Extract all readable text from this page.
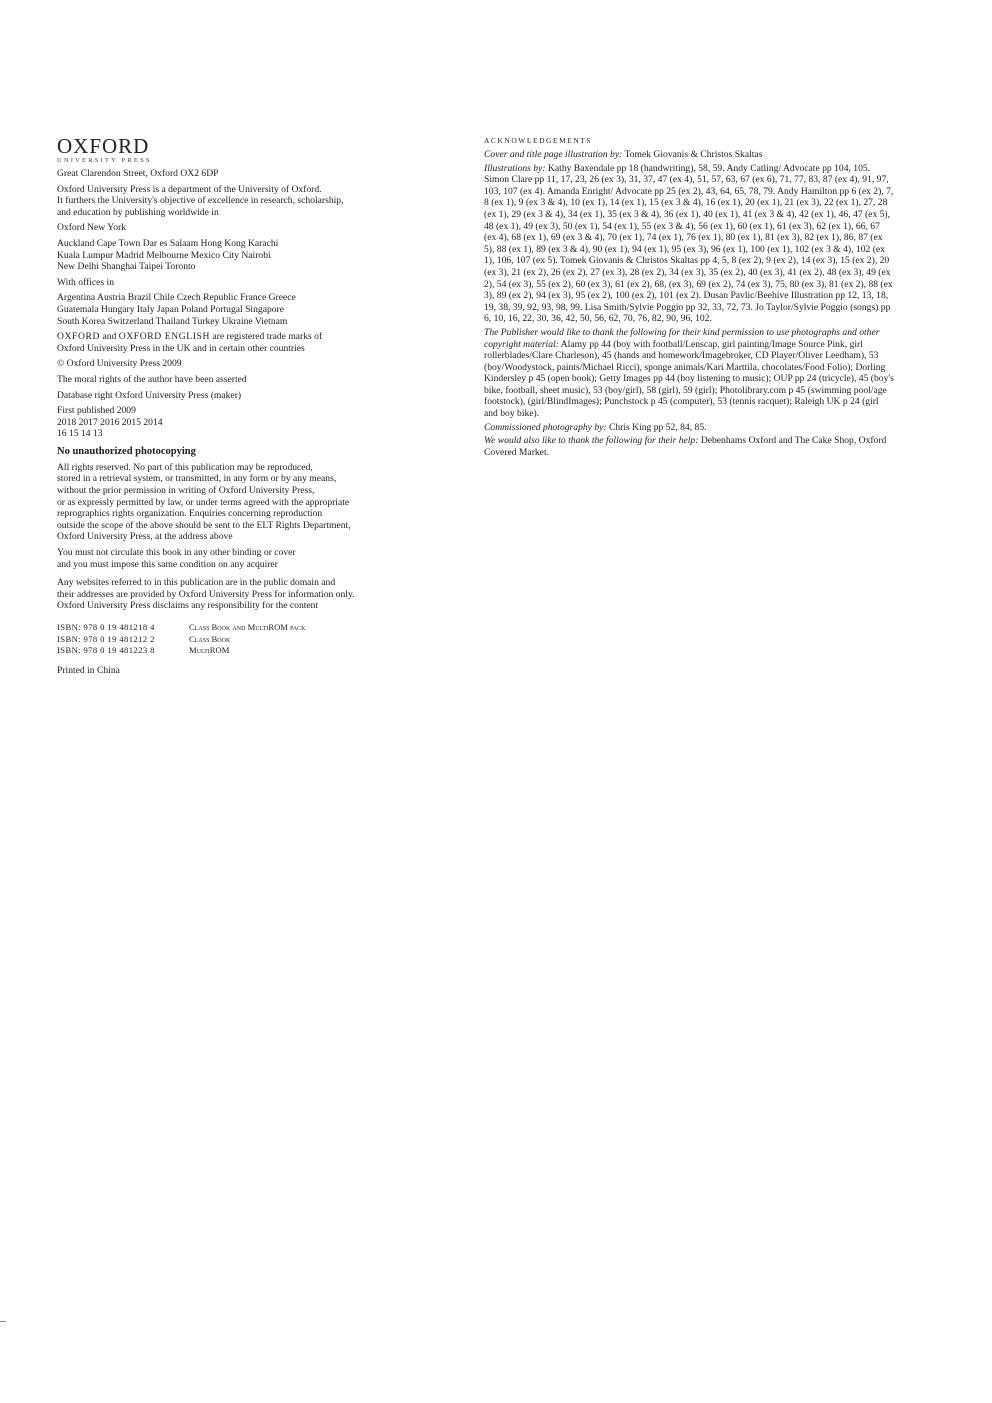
OXFORD
UNIVERSITY PRESS
Great Clarendon Street, Oxford OX2 6DP
Oxford University Press is a department of the University of Oxford.
It furthers the University's objective of excellence in research, scholarship,
and education by publishing worldwide in
Oxford New York
Auckland Cape Town Dar es Salaam Hong Kong Karachi
Kuala Lumpur Madrid Melbourne Mexico City Nairobi
New Delhi Shanghai Taipei Toronto
With offices in
Argentina Austria Brazil Chile Czech Republic France Greece
Guatemala Hungary Italy Japan Poland Portugal Singapore
South Korea Switzerland Thailand Turkey Ukraine Vietnam
OXFORD and OXFORD ENGLISH are registered trade marks of
Oxford University Press in the UK and in certain other countries
© Oxford University Press 2009
The moral rights of the author have been asserted
Database right Oxford University Press (maker)
First published 2009
2018 2017 2016 2015 2014
16 15 14 13
No unauthorized photocopying
All rights reserved. No part of this publication may be reproduced,
stored in a retrieval system, or transmitted, in any form or by any means,
without the prior permission in writing of Oxford University Press,
or as expressly permitted by law, or under terms agreed with the appropriate
reprographics rights organization. Enquiries concerning reproduction
outside the scope of the above should be sent to the ELT Rights Department,
Oxford University Press, at the address above
You must not circulate this book in any other binding or cover
and you must impose this same condition on any acquirer
Any websites referred to in this publication are in the public domain and
their addresses are provided by Oxford University Press for information only.
Oxford University Press disclaims any responsibility for the content
ISBN: 978 0 19 481218 4	Class Book and MultiROM pack
ISBN: 978 0 19 481212 2	Class Book
ISBN: 978 0 19 481223 8	MultiROM
Printed in China
ACKNOWLEDGEMENTS
Cover and title page illustration by: Tomek Giovanis & Christos Skaltas
Illustrations by: Kathy Baxendale pp 18 (handwriting), 58, 59. Andy Catling/ Advocate pp 104, 105. Simon Clare pp 11, 17, 23, 26 (ex 3), 31, 37, 47 (ex 4), 51, 57, 63, 67 (ex 6), 71, 77, 83, 87 (ex 4), 91, 97, 103, 107 (ex 4). Amanda Enright/ Advocate pp 25 (ex 2), 43, 64, 65, 78, 79. Andy Hamilton pp 6 (ex 2), 7, 8 (ex 1), 9 (ex 3 & 4), 10 (ex 1), 14 (ex 1), 15 (ex 3 & 4), 16 (ex 1), 20 (ex 1), 21 (ex 3), 22 (ex 1), 27, 28 (ex 1), 29 (ex 3 & 4), 34 (ex 1), 35 (ex 3 & 4), 36 (ex 1), 40 (ex 1), 41 (ex 3 & 4), 42 (ex 1), 46, 47 (ex 5), 48 (ex 1), 49 (ex 3), 50 (ex 1), 54 (ex 1), 55 (ex 3 & 4), 56 (ex 1), 60 (ex 1), 61 (ex 3), 62 (ex 1), 66, 67 (ex 4), 68 (ex 1), 69 (ex 3 & 4), 70 (ex 1), 74 (ex 1), 76 (ex 1), 80 (ex 1), 81 (ex 3), 82 (ex 1), 86, 87 (ex 5), 88 (ex 1), 89 (ex 3 & 4), 90 (ex 1), 94 (ex 1), 95 (ex 3), 96 (ex 1), 100 (ex 1), 102 (ex 3 & 4), 102 (ex 1), 106, 107 (ex 5). Tomek Giovanis & Christos Skaltas pp 4, 5, 8 (ex 2), 9 (ex 2), 14 (ex 3), 15 (ex 2), 20 (ex 3), 21 (ex 2), 26 (ex 2), 27 (ex 3), 28 (ex 2), 34 (ex 3), 35 (ex 2), 40 (ex 3), 41 (ex 2), 48 (ex 3), 49 (ex 2), 54 (ex 3), 55 (ex 2), 60 (ex 3), 61 (ex 2), 68, (ex 3), 69 (ex 2), 74 (ex 3), 75, 80 (ex 3), 81 (ex 2), 88 (ex 3), 89 (ex 2), 94 (ex 3), 95 (ex 2), 100 (ex 2), 101 (ex 2). Dusan Pavlic/Beehive Illustration pp 12, 13, 18, 19, 38, 39, 92, 93, 98, 99. Lisa Smith/Sylvie Poggio pp 32, 33, 72, 73. Jo Taylor/Sylvie Poggio (songs) pp 6, 10, 16, 22, 30, 36, 42, 50, 56, 62, 70, 76, 82, 90, 96, 102.
The Publisher would like to thank the following for their kind permission to use photographs and other copyright material: Alamy pp 44 (boy with football/Lenscap, girl painting/Image Source Pink, girl rollerblades/Clare Charleson), 45 (hands and homework/Imagebroker, CD Player/Oliver Leedham), 53 (boy/Woodystock, paints/Michael Ricci), sponge animals/Kari Marttila, chocolates/Food Folio); Dorling Kindersley p 45 (open book); Getty Images pp 44 (boy listening to music); OUP pp 24 (tricycle), 45 (boy's bike, football, sheet music), 53 (boy/girl), 58 (girl), 59 (girl); Photolibrary.com p 45 (swimming pool/age footstock), (girl/BlindImages); Punchstock p 45 (computer), 53 (tennis racquet); Raleigh UK p 24 (girl and boy bike).
Commissioned photography by: Chris King pp 52, 84, 85.
We would also like to thank the following for their help: Debenhams Oxford and The Cake Shop, Oxford Covered Market.
